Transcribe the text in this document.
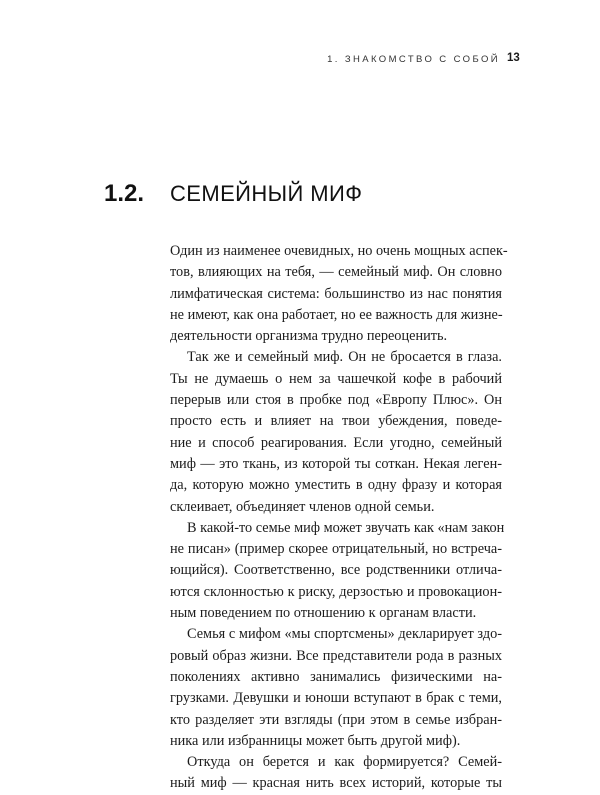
1. ЗНАКОМСТВО С СОБОЙ 13
1.2. СЕМЕЙНЫЙ МИФ

Один из наименее очевидных, но очень мощных аспек-

тов, влияющих на тебя, — семейный миф. Он словно

лимфатическая система: большинство из нас понятия

не имеют, как она работает, но ее важность для жизне-

деятельности организма трудно переоценить.

Так же и семейный миф. Он не бросается в глаза.

Ты не думаешь о нем за чашечкой кофе в рабочий

перерыв или стоя в пробке под «Европу Плюс». Он

просто есть и влияет на твои убеждения, поведе-

ние и способ реагирования. Если угодно, семейный

миф — это ткань, из которой ты соткан. Некая леген-

да, которую можно уместить в одну фразу и которая

склеивает, объединяет членов одной семьи.

В какой-то семье миф может звучать как «нам закон

не писан» (пример скорее отрицательный, но встреча-

ющийся). Соответственно, все родственники отлича-

ются склонностью к риску, дерзостью и провокацион-

ным поведением по отношению к органам власти.

Семья с мифом «мы спортсмены» декларирует здо-

ровый образ жизни. Все представители рода в разных

поколениях активно занимались физическими на-

грузками. Девушки и юноши вступают в брак с теми,

кто разделяет эти взгляды (при этом в семье избран-

ника или избранницы может быть другой миф).

Откуда он берется и как формируется? Семей-

ный миф — красная нить всех историй, которые ты
